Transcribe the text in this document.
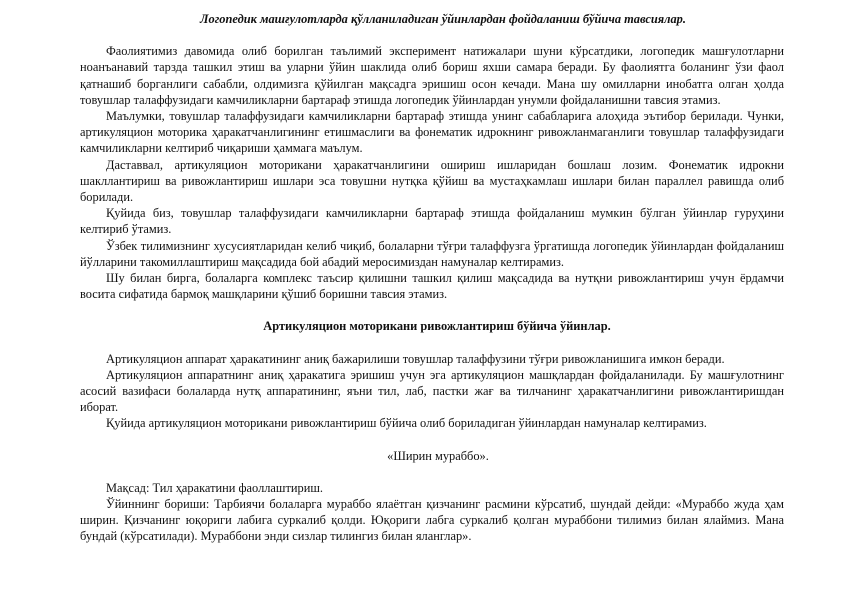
Логопедик машғулотларда қўлланиладиган ўйинлардан фойдаланиш бўйича тавсиялар.

Фаолиятимиз давомида олиб борилган таълимий эксперимент натижалари шуни кўрсатдики, логопедик машғулотларни ноанъанавий тарзда ташкил этиш ва уларни ўйин шаклида олиб бориш яхши самара беради. Бу фаолиятга боланинг ўзи фаол қатнашиб борганлиги сабабли, олдимизга қўйилган мақсадга эришиш осон кечади. Мана шу омилларни инобатга олган ҳолда товушлар талаффузидаги камчиликларни бартараф этишда логопедик ўйинлардан унумли фойдаланишни тавсия этамиз.

Маълумки, товушлар талаффузидаги камчиликларни бартараф этишда унинг сабабларига алоҳида эътибор берилади. Чунки, артикуляцион моторика ҳаракатчанлигининг етишмаслиги ва фонематик идрокнинг ривожланмаганлиги товушлар талаффузидаги камчиликларни келтириб чиқариши ҳаммага маълум.

Даставвал, артикуляцион моторикани ҳаракатчанлигини ошириш ишларидан бошлаш лозим. Фонематик идрокни шакллантириш ва ривожлантириш ишлари эса товушни нутқка қўйиш ва мустаҳкамлаш ишлари билан параллел равишда олиб борилади.

Қуйида биз, товушлар талаффузидаги камчиликларни бартараф этишда фойдаланиш мумкин бўлган ўйинлар гуруҳини келтириб ўтамиз.

Ўзбек тилимизнинг хусусиятларидан келиб чиқиб, болаларни тўғри талаффузга ўргатишда логопедик ўйинлардан фойдаланиш йўлларини такомиллаштириш мақсадида бой абадий меросимиздан намуналар келтирамиз.

Шу билан бирга, болаларга комплекс таъсир қилишни ташкил қилиш мақсадида ва нутқни ривожлантириш учун ёрдамчи восита сифатида бармоқ машқларини қўшиб боришни тавсия этамиз.

Артикуляцион моторикани ривожлантириш бўйича ўйинлар.

Артикуляцион аппарат ҳаракатининг аниқ бажарилиши товушлар талаффузини тўғри ривожланишига имкон беради.

Артикуляцион аппаратнинг аниқ ҳаракатига эришиш учун эга артикуляцион машқлардан фойдаланилади. Бу машғулотнинг асосий вазифаси болаларда нутқ аппаратининг, яъни тил, лаб, пастки жағ ва тилчанинг ҳаракатчанлигини ривожлантиришдан иборат.

Қуйида артикуляцион моторикани ривожлантириш бўйича олиб бориладиган ўйинлардан намуналар келтирамиз.

«Ширин мураббо».

Мақсад: Тил ҳаракатини фаоллаштириш.

Ўйиннинг бориши: Тарбиячи болаларга мураббо ялаётган қизчанинг расмини кўрсатиб, шундай дейди: «Мураббо жуда ҳам ширин. Қизчанинг юқориги лабига суркалиб қолди. Юқориги лабга суркалиб қолган мураббони тилимиз билан ялаймиз. Мана бундай (кўрсатилади). Мураббони энди сизлар тилингиз билан яланглар».
